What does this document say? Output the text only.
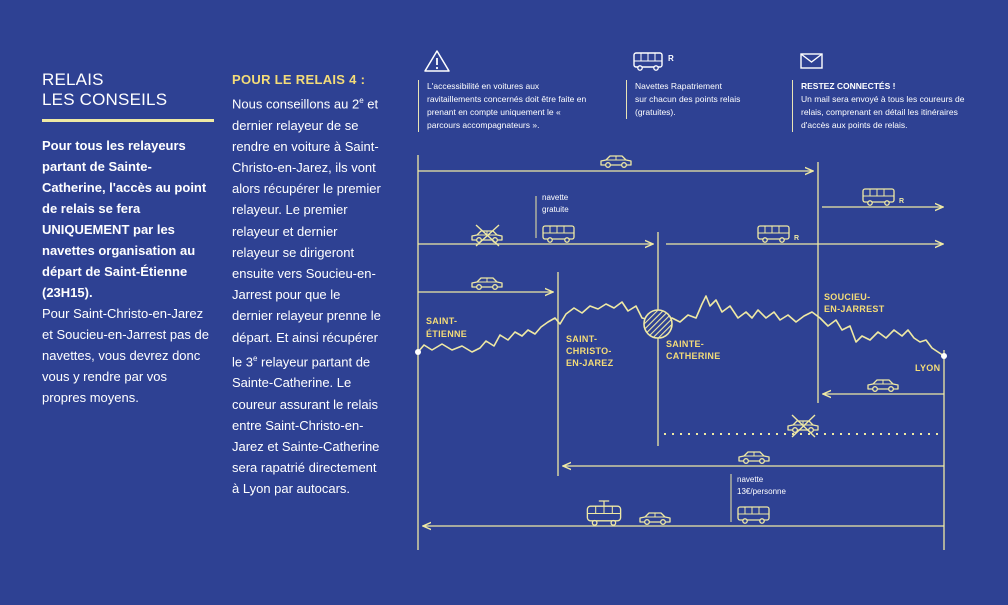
RELAIS
LES CONSEILS
Pour tous les relayeurs partant de Sainte-Catherine, l'accès au point de relais se fera UNIQUEMENT par les navettes organisation au départ de Saint-Étienne (23H15).
Pour Saint-Christo-en-Jarez et Soucieu-en-Jarrest pas de navettes, vous devrez donc vous y rendre par vos propres moyens.
POUR LE RELAIS 4 :
Nous conseillons au 2e et dernier relayeur de se rendre en voiture à Saint-Christo-en-Jarez, ils vont alors récupérer le premier relayeur. Le premier relayeur et dernier relayeur se dirigeront ensuite vers Soucieu-en-Jarrest pour que le dernier relayeur prenne le départ. Et ainsi récupérer le 3e relayeur partant de Sainte-Catherine. Le coureur assurant le relais entre Saint-Christo-en-Jarez et Sainte-Catherine sera rapatrié directement à Lyon par autocars.
L'accessibilité en voitures aux ravitaillements concernés doit être faite en prenant en compte uniquement le « parcours accompagnateurs ».
R
Navettes Rapatriement
sur chacun des points relais (gratuites).
RESTEZ CONNECTÉS !
Un mail sera envoyé à tous les coureurs de relais, comprenant en détail les itinéraires d'accès aux points de relais.
SAINT-
ÉTIENNE	SAINT-
CHRISTO-
EN-JAREZ
SAINTE-
CATHERINE
SOUCIEU-
EN-JARREST
LYON
R
navette
gratuite
R
navette
13€/personne
